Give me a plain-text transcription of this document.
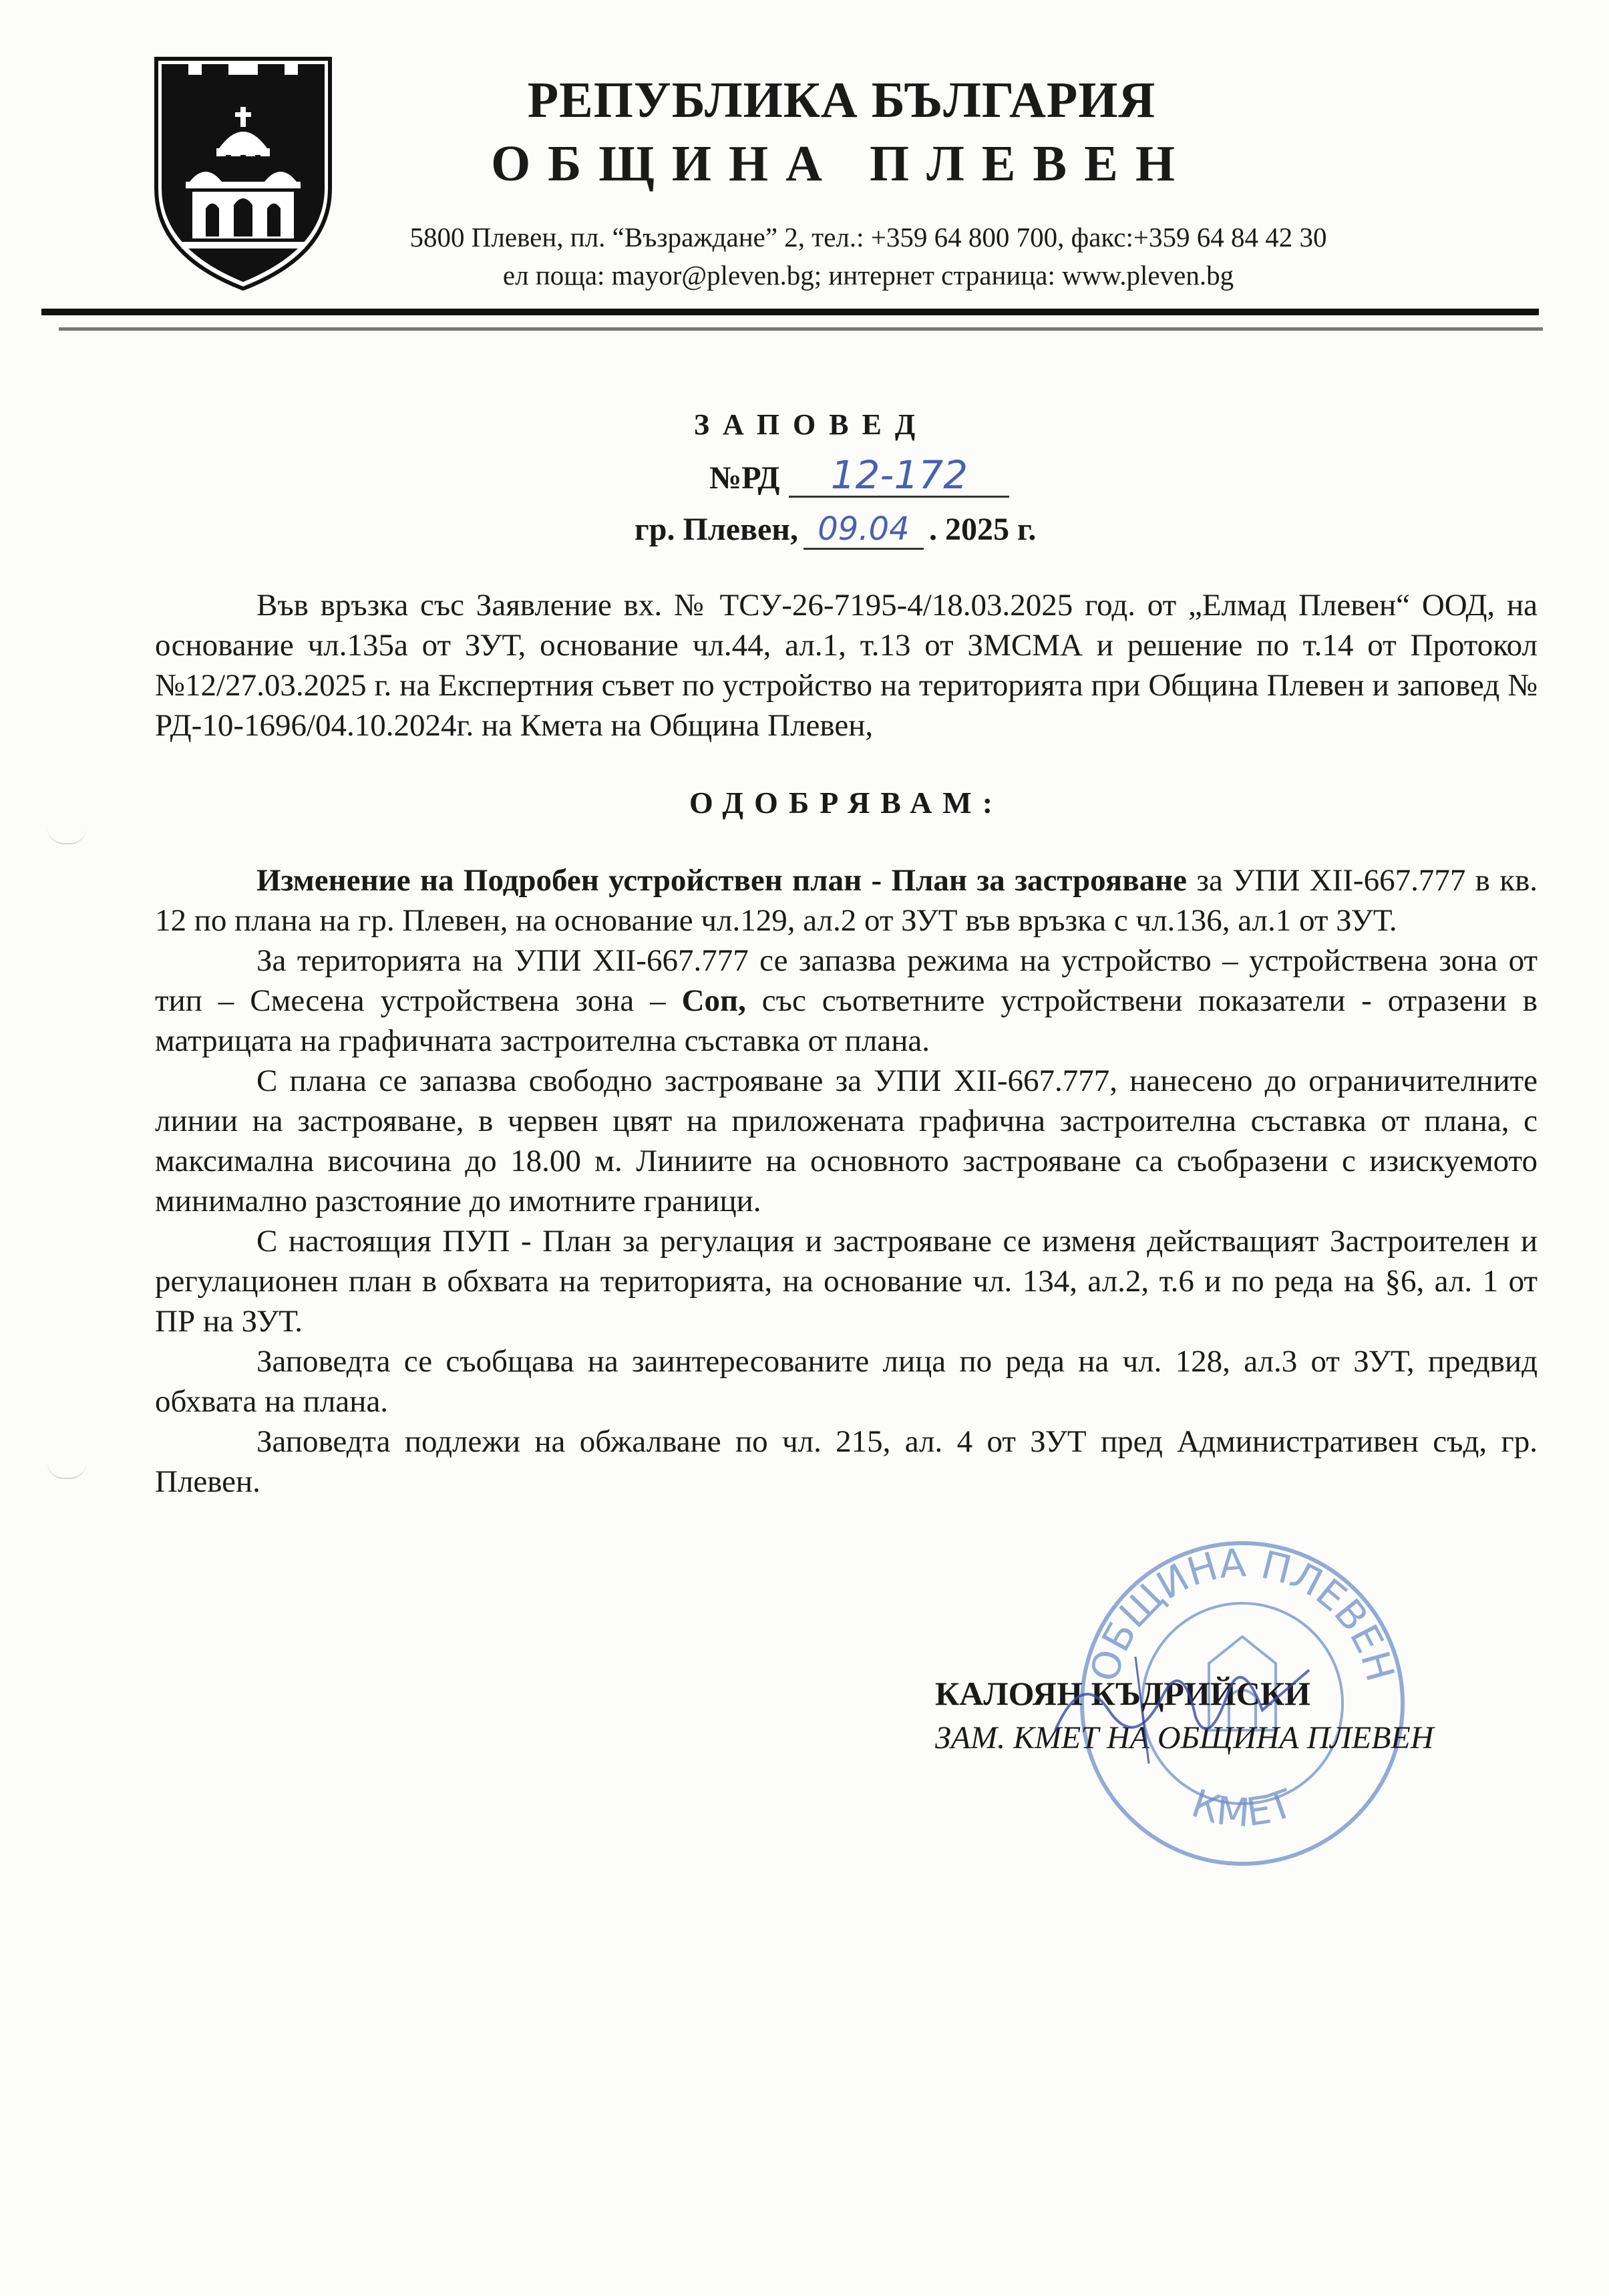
РЕПУБЛИКА БЪЛГАРИЯ
ОБЩИНА ПЛЕВЕН
5800 Плевен, пл. “Възраждане” 2, тел.: +359 64 800 700, факс:+359 64 84 42 30
ел поща: mayor@pleven.bg; интернет страница: www.pleven.bg
ЗАПОВЕД
№РД 12-172
гр. Плевен, 09.04 . 2025 г.

Във връзка със Заявление вх. № ТСУ-26-7195-4/18.03.2025 год. от „Елмад Плевен“ ООД, на основание чл.135а от ЗУТ, основание чл.44, ал.1, т.13 от ЗМСМА и решение по т.14 от Протокол №12/27.03.2025 г. на Експертния съвет по устройство на територията при Община Плевен и заповед № РД-10-1696/04.10.2024г. на Кмета на Община Плевен,

ОДОБРЯВАМ:

Изменение на Подробен устройствен план - План за застрояване за УПИ XII-667.777 в кв. 12 по плана на гр. Плевен, на основание чл.129, ал.2 от ЗУТ във връзка с чл.136, ал.1 от ЗУТ.

За територията на УПИ XII-667.777 се запазва режима на устройство – устройствена зона от тип – Смесена устройствена зона – Соп, със съответните устройствени показатели - отразени в матрицата на графичната застроителна съставка от плана.

С плана се запазва свободно застрояване за УПИ XII-667.777, нанесено до ограничителните линии на застрояване, в червен цвят на приложената графична застроителна съставка от плана, с максимална височина до 18.00 м. Линиите на основното застрояване са съобразени с изискуемото минимално разстояние до имотните граници.

С настоящия ПУП - План за регулация и застрояване се изменя действащият Застроителен и регулационен план в обхвата на територията, на основание чл. 134, ал.2, т.6 и по реда на §6, ал. 1 от ПР на ЗУТ.

Заповедта се съобщава на заинтересованите лица по реда на чл. 128, ал.3 от ЗУТ, предвид обхвата на плана.

Заповедта подлежи на обжалване по чл. 215, ал. 4 от ЗУТ пред Административен съд, гр. Плевен.

ОБЩИНА ПЛЕВЕН
КМЕТ
КАЛОЯН КЪДРИЙСКИ
ЗАМ. КМЕТ НА ОБЩИНА ПЛЕВЕН
